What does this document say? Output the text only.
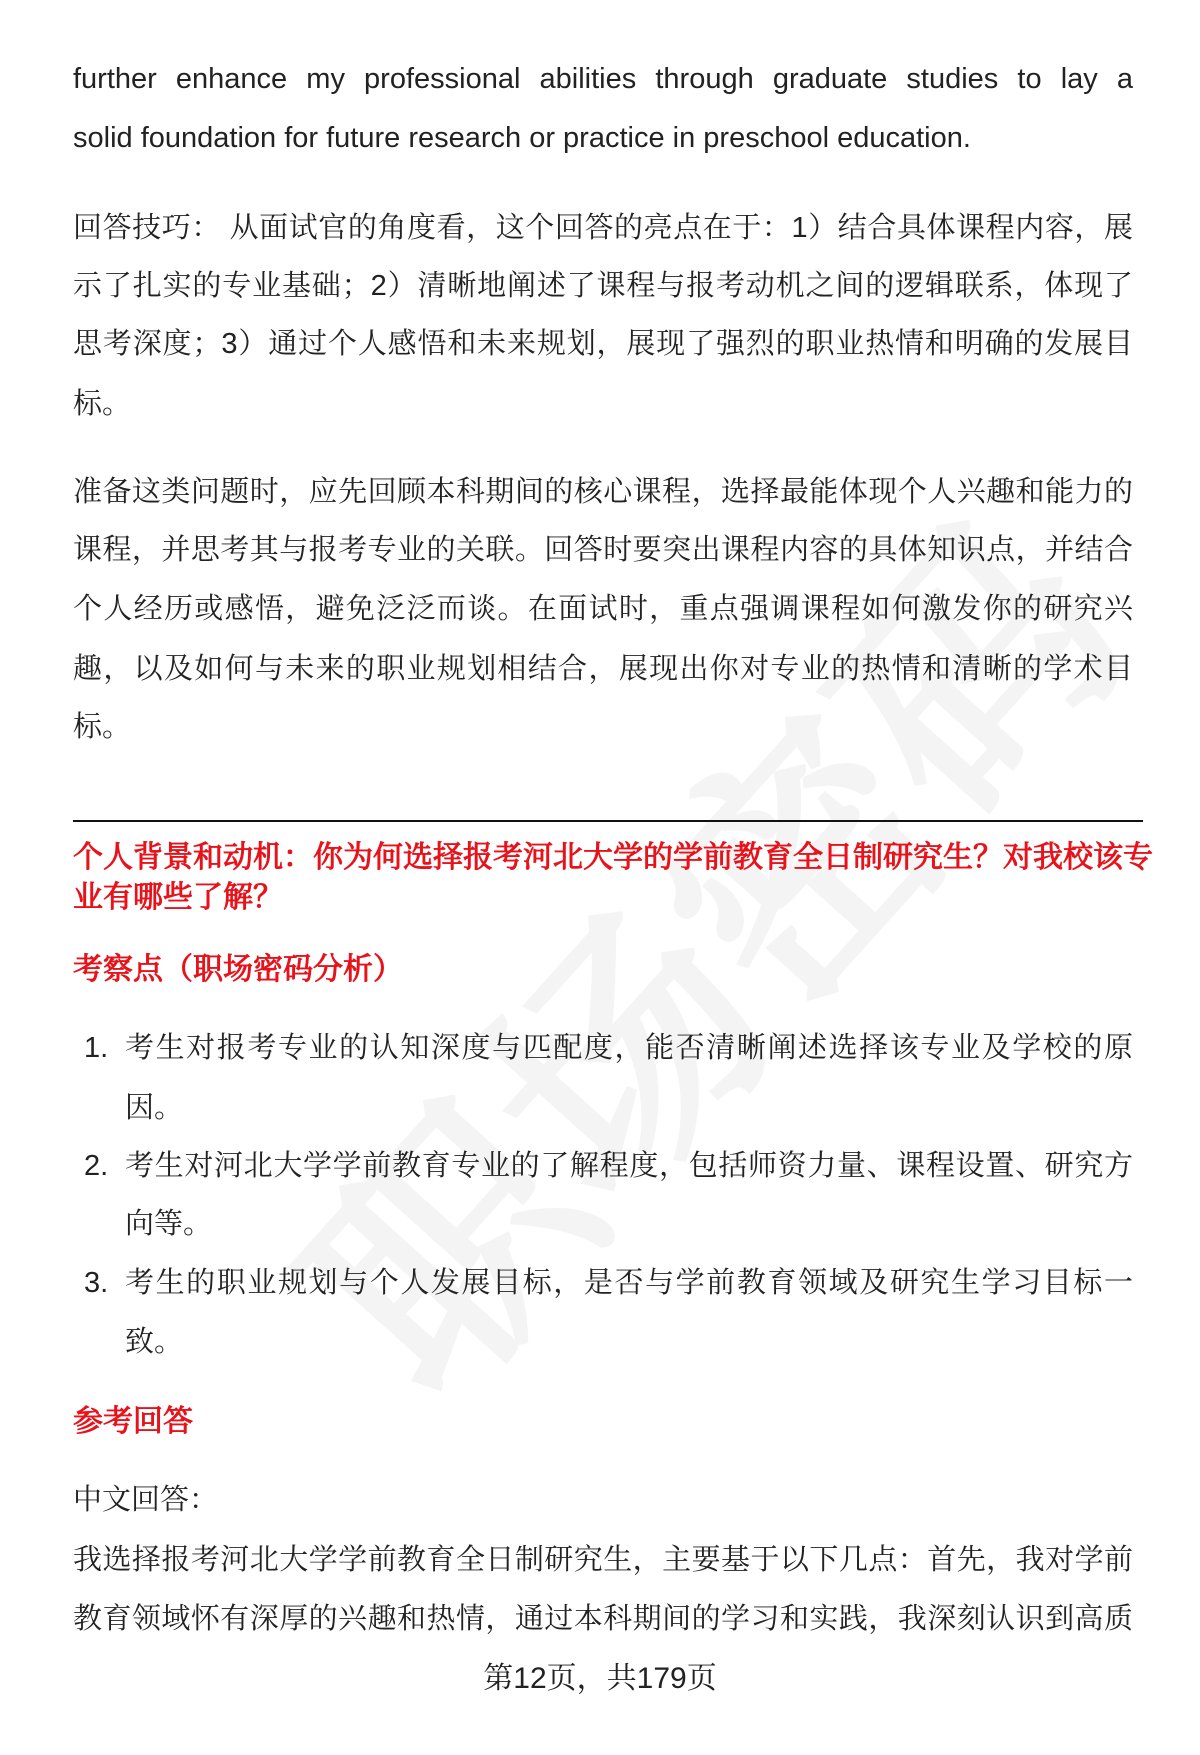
further enhance my professional abilities through graduate studies to lay a
solid foundation for future research or practice in preschool education.
回答技巧： 从面试官的角度看，这个回答的亮点在于：1）结合具体课程内容，展
示了扎实的专业基础；2）清晰地阐述了课程与报考动机之间的逻辑联系，体现了
思考深度；3）通过个人感悟和未来规划，展现了强烈的职业热情和明确的发展目
标。
准备这类问题时，应先回顾本科期间的核心课程，选择最能体现个人兴趣和能力的
课程，并思考其与报考专业的关联。回答时要突出课程内容的具体知识点，并结合
个人经历或感悟，避免泛泛而谈。在面试时，重点强调课程如何激发你的研究兴
趣，以及如何与未来的职业规划相结合，展现出你对专业的热情和清晰的学术目
标。
个人背景和动机：你为何选择报考河北大学的学前教育全日制研究生？对我校该专
业有哪些了解？
考察点（职场密码分析）
1. 考生对报考专业的认知深度与匹配度，能否清晰阐述选择该专业及学校的原
因。
2. 考生对河北大学学前教育专业的了解程度，包括师资力量、课程设置、研究方
向等。
3. 考生的职业规划与个人发展目标，是否与学前教育领域及研究生学习目标一
致。
参考回答
中文回答：
我选择报考河北大学学前教育全日制研究生，主要基于以下几点：首先，我对学前
教育领域怀有深厚的兴趣和热情，通过本科期间的学习和实践，我深刻认识到高质
第12页，共179页
